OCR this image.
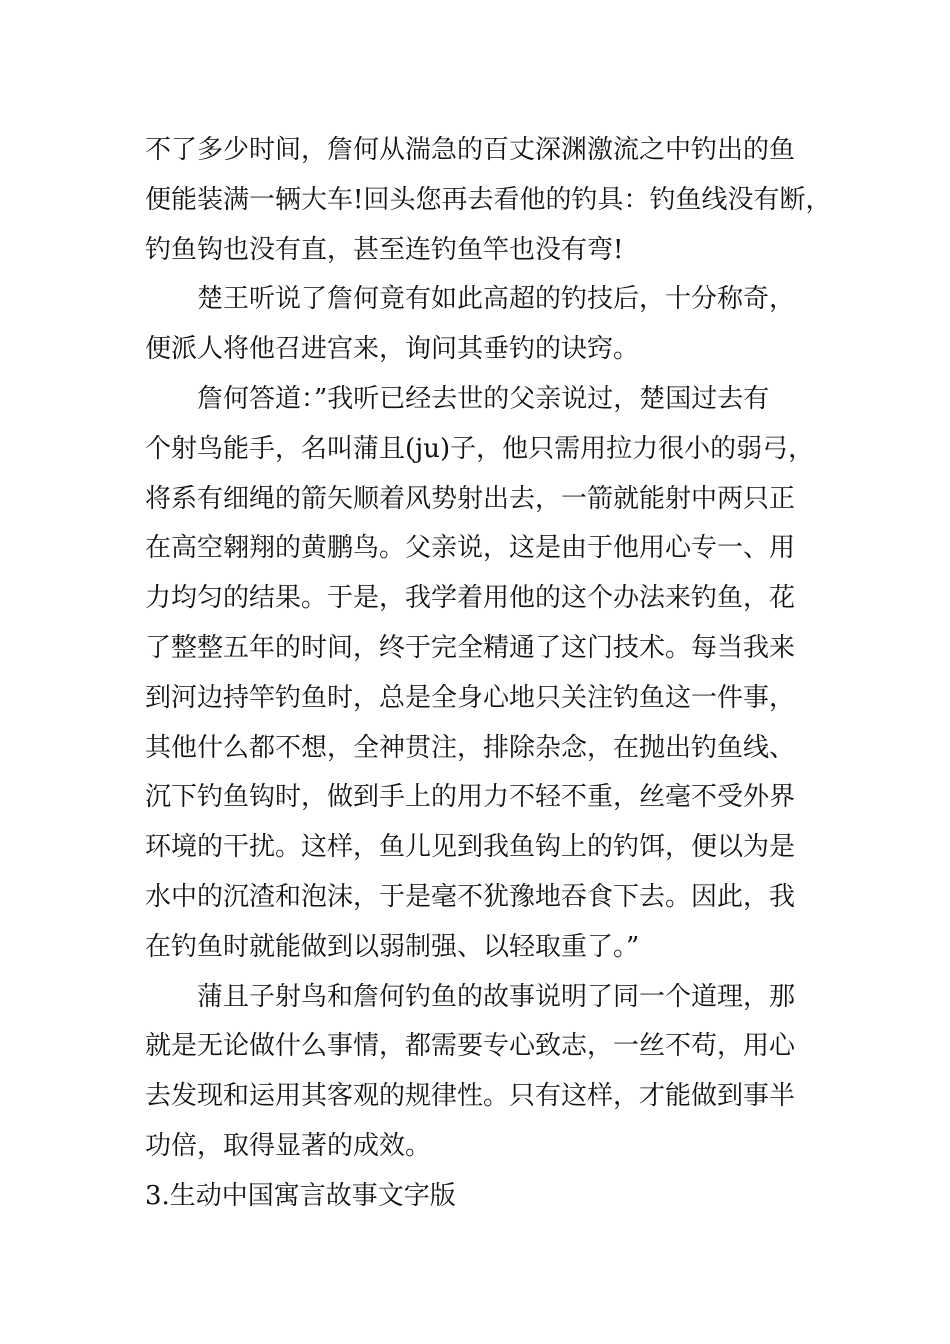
不了多少时间，詹何从湍急的百丈深渊激流之中钓出的鱼
便能装满一辆大车!回头您再去看他的钓具：钓鱼线没有断，
钓鱼钩也没有直，甚至连钓鱼竿也没有弯!
楚王听说了詹何竟有如此高超的钓技后，十分称奇，
便派人将他召进宫来，询问其垂钓的诀窍。
詹何答道：”我听已经去世的父亲说过，楚国过去有
个射鸟能手，名叫蒲且(ju)子，他只需用拉力很小的弱弓，
将系有细绳的箭矢顺着风势射出去，一箭就能射中两只正
在高空翱翔的黄鹏鸟。父亲说，这是由于他用心专一、用
力均匀的结果。于是，我学着用他的这个办法来钓鱼，花
了整整五年的时间，终于完全精通了这门技术。每当我来
到河边持竿钓鱼时，总是全身心地只关注钓鱼这一件事，
其他什么都不想，全神贯注，排除杂念，在抛出钓鱼线、
沉下钓鱼钩时，做到手上的用力不轻不重，丝毫不受外界
环境的干扰。这样，鱼儿见到我鱼钩上的钓饵，便以为是
水中的沉渣和泡沫，于是毫不犹豫地吞食下去。因此，我
在钓鱼时就能做到以弱制强、以轻取重了。”
蒲且子射鸟和詹何钓鱼的故事说明了同一个道理，那
就是无论做什么事情，都需要专心致志，一丝不苟，用心
去发现和运用其客观的规律性。只有这样，才能做到事半
功倍，取得显著的成效。
3.生动中国寓言故事文字版
